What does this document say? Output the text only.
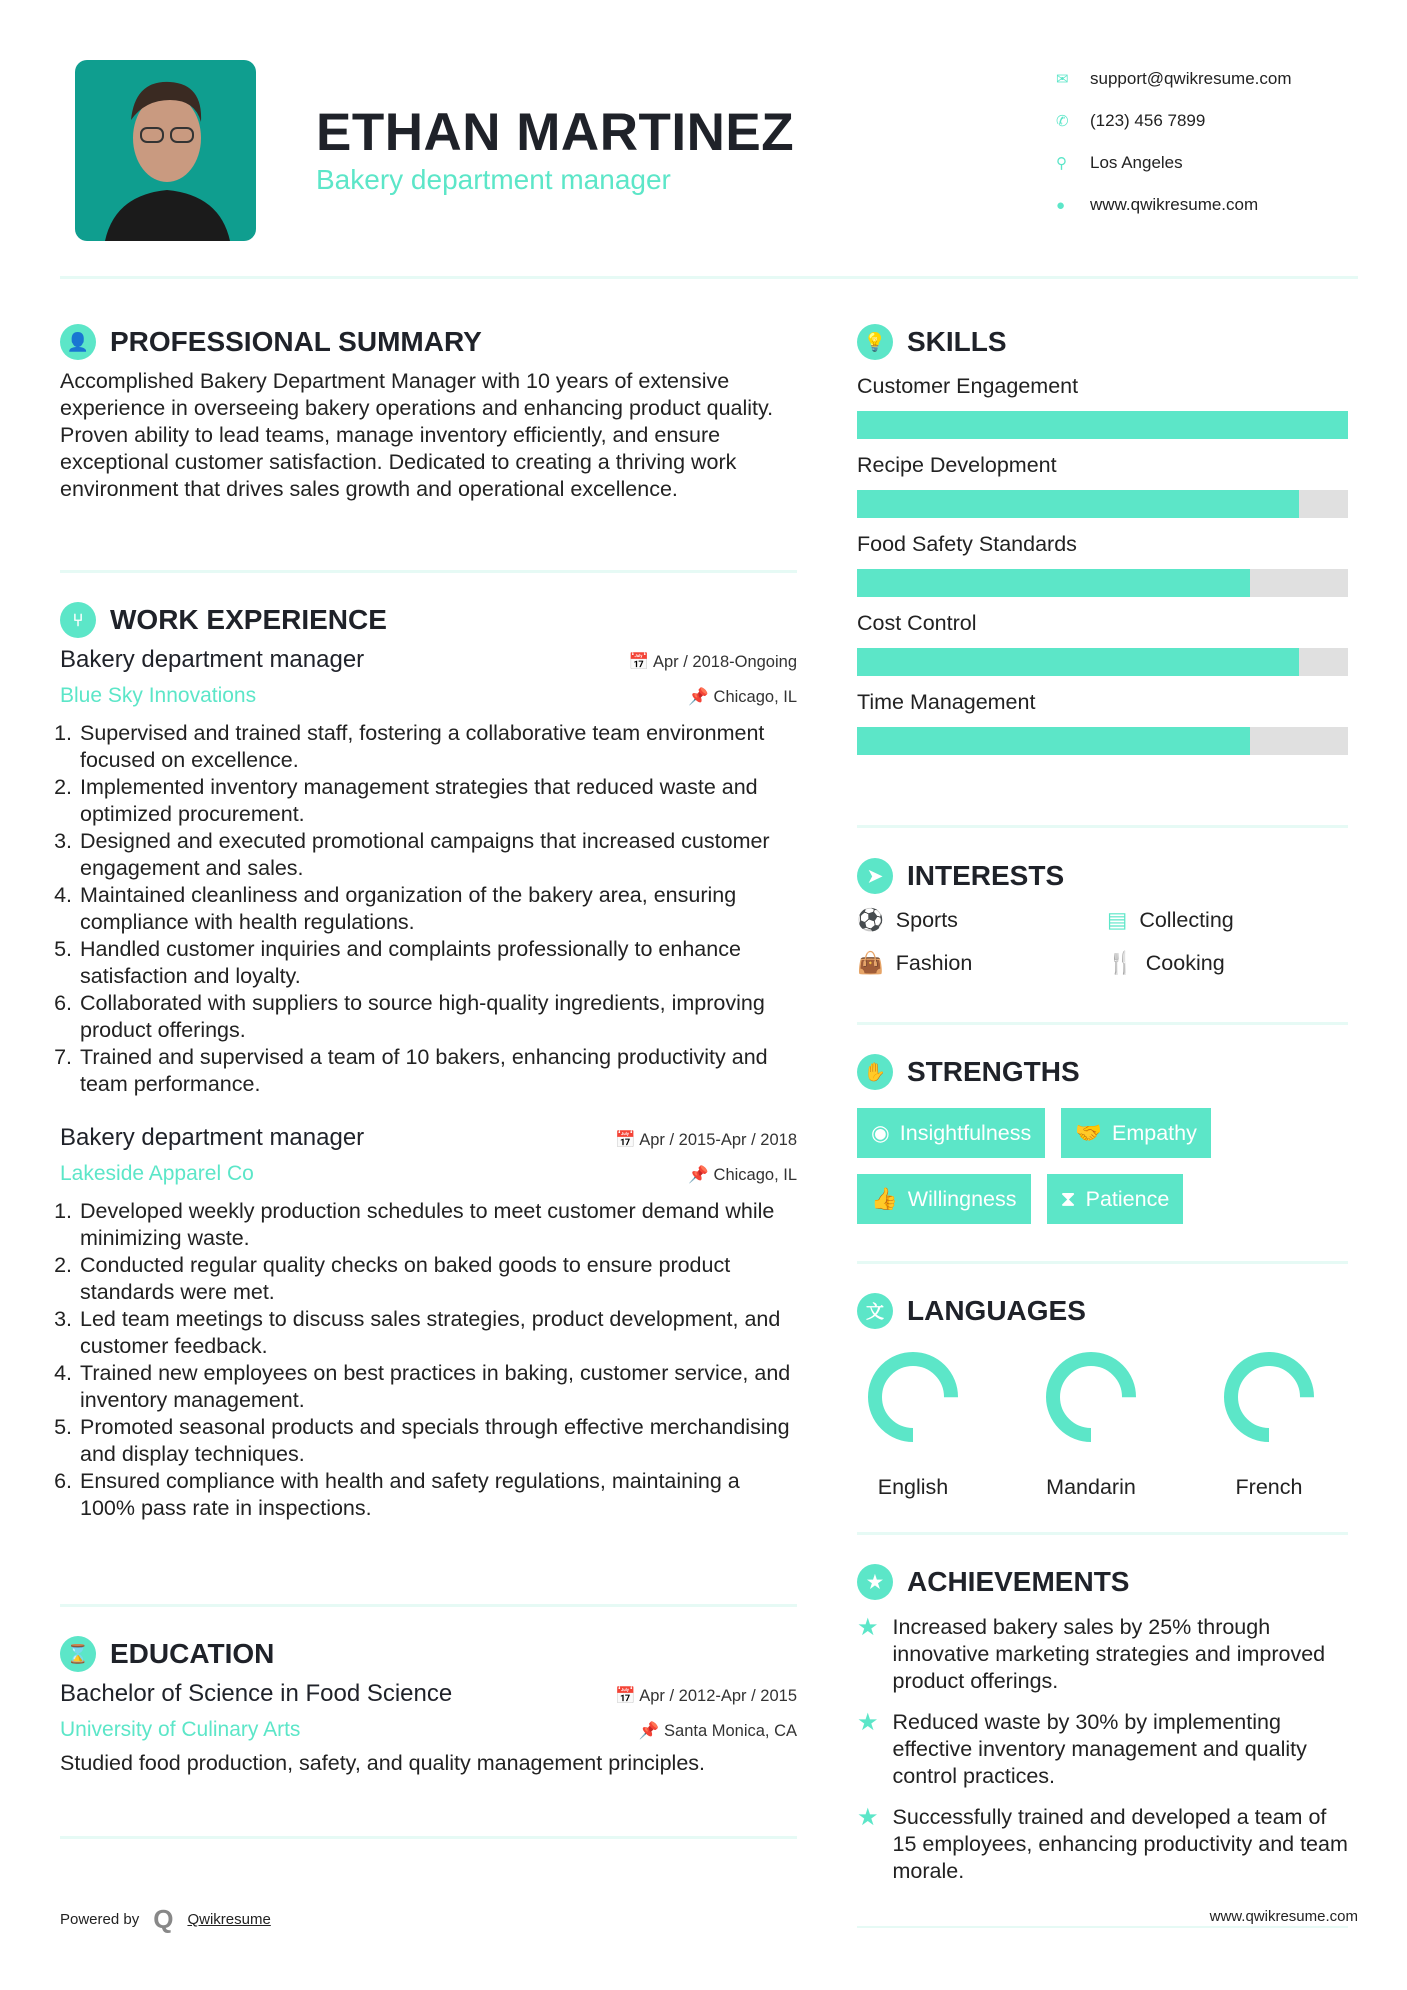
ETHAN MARTINEZ
Bakery department manager
✉	support@qwikresume.com
✆	(123) 456 7899
⚲	Los Angeles
●	www.qwikresume.com
👤 PROFESSIONAL SUMMARY

Accomplished Bakery Department Manager with 10 years of extensive experience in overseeing bakery operations and enhancing product quality. Proven ability to lead teams, manage inventory efficiently, and ensure exceptional customer satisfaction. Dedicated to creating a thriving work environment that drives sales growth and operational excellence.

⑂ WORK EXPERIENCE
Bakery department manager	📅 Apr / 2018-Ongoing
Blue Sky Innovations	📌 Chicago, IL
1. Supervised and trained staff, fostering a collaborative team environment focused on excellence.
2. Implemented inventory management strategies that reduced waste and optimized procurement.
3. Designed and executed promotional campaigns that increased customer engagement and sales.
4. Maintained cleanliness and organization of the bakery area, ensuring compliance with health regulations.
5. Handled customer inquiries and complaints professionally to enhance satisfaction and loyalty.
6. Collaborated with suppliers to source high-quality ingredients, improving product offerings.
7. Trained and supervised a team of 10 bakers, enhancing productivity and team performance.
Bakery department manager	📅 Apr / 2015-Apr / 2018
Lakeside Apparel Co	📌 Chicago, IL
1. Developed weekly production schedules to meet customer demand while minimizing waste.
2. Conducted regular quality checks on baked goods to ensure product standards were met.
3. Led team meetings to discuss sales strategies, product development, and customer feedback.
4. Trained new employees on best practices in baking, customer service, and inventory management.
5. Promoted seasonal products and specials through effective merchandising and display techniques.
6. Ensured compliance with health and safety regulations, maintaining a 100% pass rate in inspections.
⌛ EDUCATION
Bachelor of Science in Food Science	📅 Apr / 2012-Apr / 2015
University of Culinary Arts	📌 Santa Monica, CA

Studied food production, safety, and quality management principles.

Powered by Q Qwikresume
💡 SKILLS
Customer Engagement
Recipe Development
Food Safety Standards
Cost Control
Time Management
➤ INTERESTS
⚽ Sports	▤ Collecting
👜 Fashion	🍴 Cooking
✋ STRENGTHS
◉ Insightfulness 🤝 Empathy
👍 Willingness ⧗ Patience
文 LANGUAGES
English	Mandarin	French
★ ACHIEVEMENTS
★ Increased bakery sales by 25% through innovative marketing strategies and improved product offerings.
★ Reduced waste by 30% by implementing effective inventory management and quality control practices.
★ Successfully trained and developed a team of 15 employees, enhancing productivity and team morale.
www.qwikresume.com
